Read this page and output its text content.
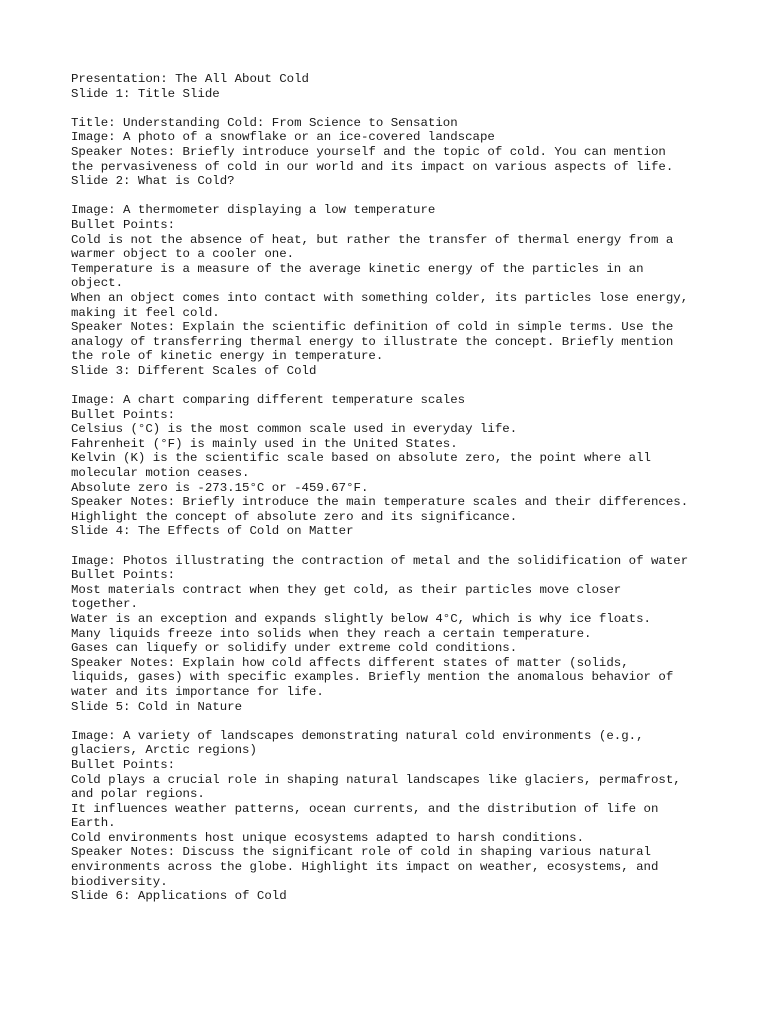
Presentation: The All About Cold
Slide 1: Title Slide
Title: Understanding Cold: From Science to Sensation
Image: A photo of a snowflake or an ice-covered landscape
Speaker Notes: Briefly introduce yourself and the topic of cold. You can mention
the pervasiveness of cold in our world and its impact on various aspects of life.
Slide 2: What is Cold?
Image: A thermometer displaying a low temperature
Bullet Points:
Cold is not the absence of heat, but rather the transfer of thermal energy from a
warmer object to a cooler one.
Temperature is a measure of the average kinetic energy of the particles in an
object.
When an object comes into contact with something colder, its particles lose energy,
making it feel cold.
Speaker Notes: Explain the scientific definition of cold in simple terms. Use the
analogy of transferring thermal energy to illustrate the concept. Briefly mention
the role of kinetic energy in temperature.
Slide 3: Different Scales of Cold
Image: A chart comparing different temperature scales
Bullet Points:
Celsius (°C) is the most common scale used in everyday life.
Fahrenheit (°F) is mainly used in the United States.
Kelvin (K) is the scientific scale based on absolute zero, the point where all
molecular motion ceases.
Absolute zero is -273.15°C or -459.67°F.
Speaker Notes: Briefly introduce the main temperature scales and their differences.
Highlight the concept of absolute zero and its significance.
Slide 4: The Effects of Cold on Matter
Image: Photos illustrating the contraction of metal and the solidification of water
Bullet Points:
Most materials contract when they get cold, as their particles move closer
together.
Water is an exception and expands slightly below 4°C, which is why ice floats.
Many liquids freeze into solids when they reach a certain temperature.
Gases can liquefy or solidify under extreme cold conditions.
Speaker Notes: Explain how cold affects different states of matter (solids,
liquids, gases) with specific examples. Briefly mention the anomalous behavior of
water and its importance for life.
Slide 5: Cold in Nature
Image: A variety of landscapes demonstrating natural cold environments (e.g.,
glaciers, Arctic regions)
Bullet Points:
Cold plays a crucial role in shaping natural landscapes like glaciers, permafrost,
and polar regions.
It influences weather patterns, ocean currents, and the distribution of life on
Earth.
Cold environments host unique ecosystems adapted to harsh conditions.
Speaker Notes: Discuss the significant role of cold in shaping various natural
environments across the globe. Highlight its impact on weather, ecosystems, and
biodiversity.
Slide 6: Applications of Cold
